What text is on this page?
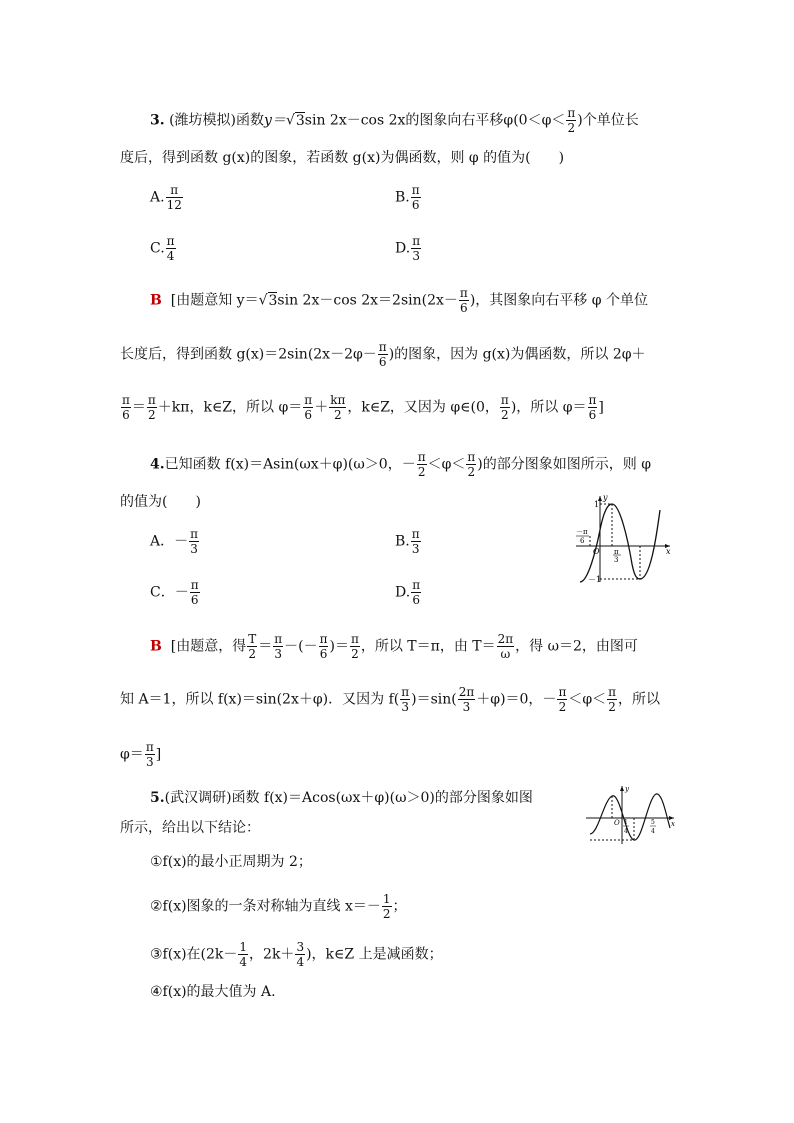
3. (潍坊模拟)函数y＝√3sin 2x－cos 2x的图象向右平移$\varphi(0<\varphi< \frac{\pi}{2}$ )个单位长
度后，得到函数 g(x)的图象，若函数 g(x)为偶函数，则 φ 的值为(　　)
A. $\frac{\pi}{12}$	B. $\frac{\pi}{6}$
C. $\frac{\pi}{4}$	D. $\frac{\pi}{3}$
B [由题意知 y＝√3sin 2x－cos $2x=2\sin(2x- \frac{\pi}{6}$ )，其图象向右平移 φ 个单位
长度后，得到函数 $g(x)=2\sin(2x-2\varphi- \frac{\pi}{6}$ )的图象，因为 g(x)为偶函数，所以 2φ＋
$\frac{\pi}{6} = \frac{\pi}{2} +k\pi$，k∈Z，所以 $\varphi= \frac{\pi}{6} + \frac{k\pi}{2}$ ，k∈Z，又因为 φ∈(0， $\frac{\pi}{2}$ )，所以 $\varphi= \frac{\pi}{6}$ ]
4.已知函数 f(x)＝Asin(ωx＋φ)(ω＞0，－ $\frac{\pi}{2} <\varphi< \frac{\pi}{2}$ )的部分图象如图所示，则 φ
的值为(　　)
A．－ $\frac{\pi}{3}$	B. $\frac{\pi}{3}$
C．－ $\frac{\pi}{6}$	D. $\frac{\pi}{6}$
y
x
O
1
－1
－π
6
π
3
B [由题意，得 $\frac{T}{2} = \frac{\pi}{3}$ －(－ $\frac{\pi}{6}$ )＝ $\frac{\pi}{2}$ ，所以 T＝π，由 $T= \frac{2\pi}{\omega}$ ，得 ω＝2，由图可
知 A＝1，所以 f(x)＝sin(2x＋φ)．又因为 $f( \frac{\pi}{3} )=\sin( \frac{2\pi}{3} +\varphi)=0$，－ $\frac{\pi}{2} <\varphi< \frac{\pi}{2}$ ，所以
$\varphi= \frac{\pi}{3}$ ]
5.(武汉调研)函数 f(x)＝Acos(ωx＋φ)(ω＞0)的部分图象如图
所示，给出以下结论：
y
x
O 1
4
5
4
①f(x)的最小正周期为 2；
②f(x)图象的一条对称轴为直线 $x=- \frac{1}{2}$ ；
③f(x)在($2k- \frac{1}{4}$ ，$2k+ \frac{3}{4}$ )，k∈Z 上是减函数；
④f(x)的最大值为 A.
